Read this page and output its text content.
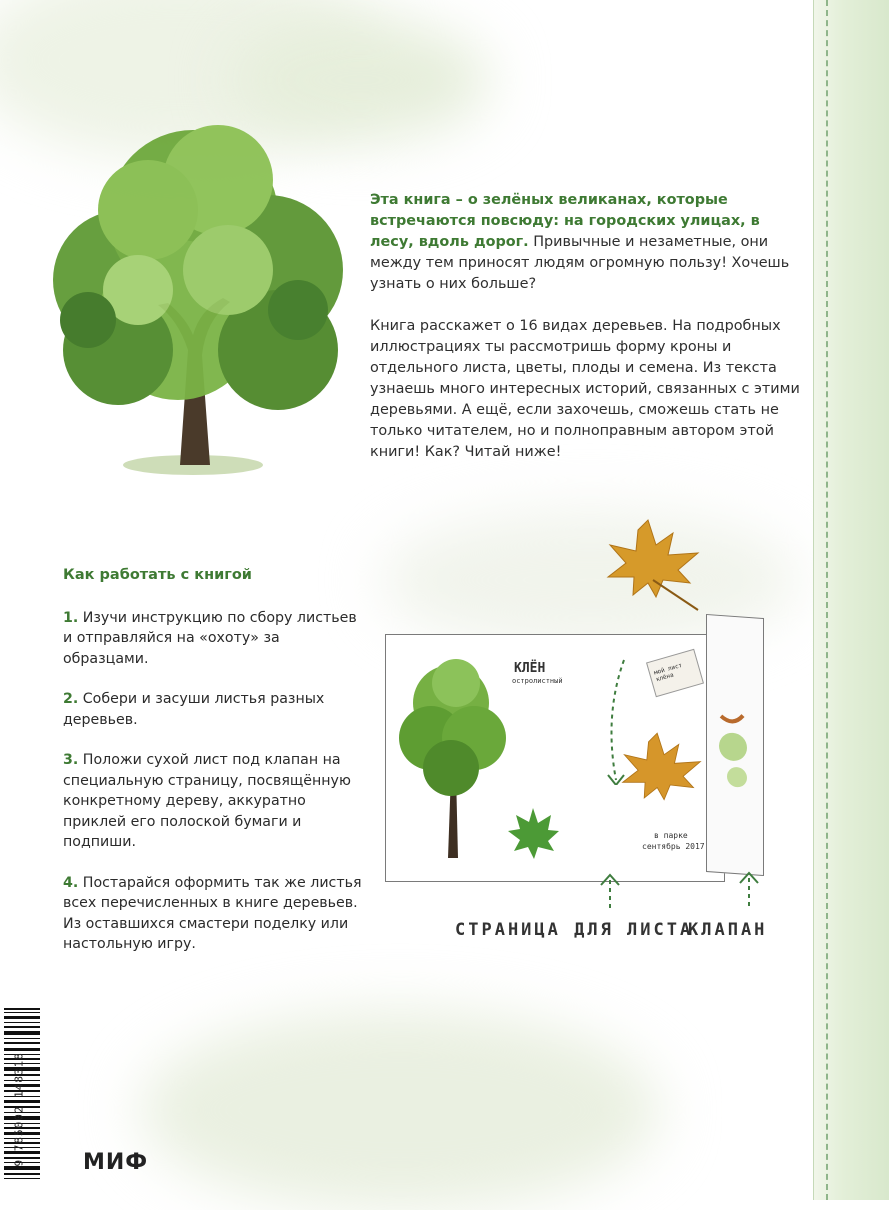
Эта книга – о зелёных великанах, которые встречаются повсюду: на городских улицах, в лесу, вдоль дорог. Привычные и незаметные, они между тем приносят людям огромную пользу! Хочешь узнать о них больше?

Книга расскажет о 16 видах деревьев. На подробных иллюстрациях ты рассмотришь форму кроны и отдельного листа, цветы, плоды и семена. Из текста узнаешь много интересных историй, связанных с этими деревьями. А ещё, если захочешь, сможешь стать не только читателем, но и полноправным автором этой книги! Как? Читай ниже!

Как работать с книгой

1. Изучи инструкцию по сбору листьев и отправляйся на «охоту» за образцами.

2. Собери и засуши листья разных деревьев.

3. Положи сухой лист под клапан на специальную страницу, посвящённую конкретному дереву, аккуратно приклей его полоской бумаги и подпиши.

4. Постарайся оформить так же листья всех перечисленных в книге деревьев. Из оставшихся смастери поделку или настольную игру.

КЛЁН
остролистный
мой лист клёна
в парке
сентябрь 2017
СТРАНИЦА ДЛЯ ЛИСТА
КЛАПАН
9 785002 148318	МИФ
